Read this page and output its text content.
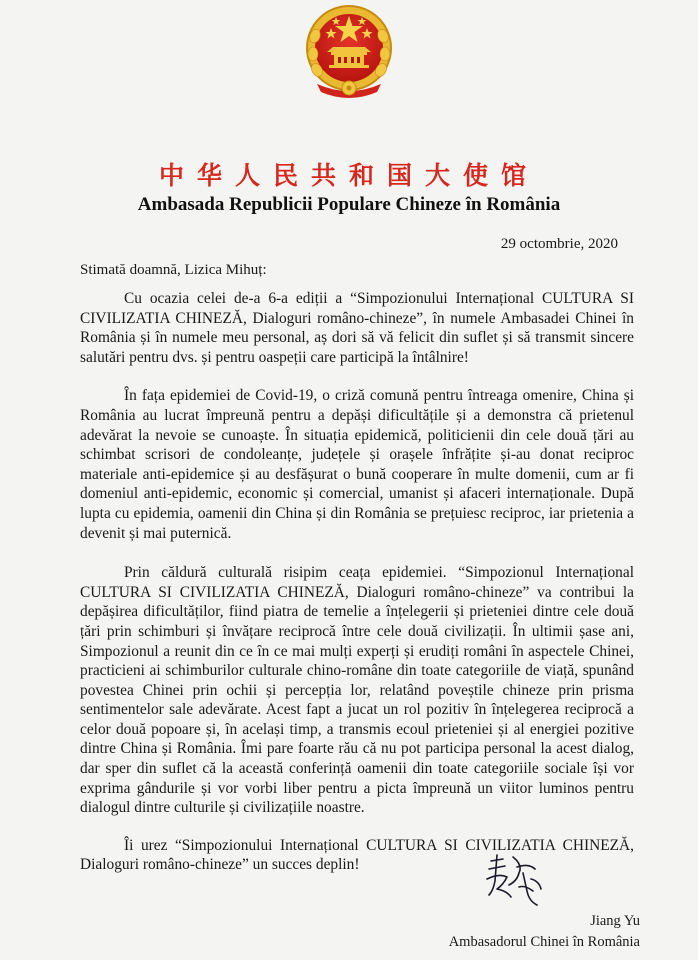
中华人民共和国大使馆
Ambasada Republicii Populare Chineze în România
29 octombrie, 2020
Stimată doamnă, Lizica Mihuț:

Cu ocazia celei de-a 6-a ediții a “Simpozionului Internațional CULTURA SI CIVILIZATIA CHINEZĂ, Dialoguri româno-chineze”, în numele Ambasadei Chinei în România și în numele meu personal, aș dori să vă felicit din suflet și să transmit sincere salutări pentru dvs. și pentru oaspeții care participă la întâlnire!

În fața epidemiei de Covid-19, o criză comună pentru întreaga omenire, China și România au lucrat împreună pentru a depăși dificultățile și a demonstra că prietenul adevărat la nevoie se cunoaște. În situația epidemică, politicienii din cele două țări au schimbat scrisori de condoleanțe, județele și orașele înfrățite și-au donat reciproc materiale anti-epidemice și au desfășurat o bună cooperare în multe domenii, cum ar fi domeniul anti-epidemic, economic și comercial, umanist și afaceri internaționale. După lupta cu epidemia, oamenii din China și din România se prețuiesc reciproc, iar prietenia a devenit și mai puternică.

Prin căldură culturală risipim ceața epidemiei. “Simpozionul Internațional CULTURA SI CIVILIZATIA CHINEZĂ, Dialoguri româno-chineze” va contribui la depășirea dificultăților, fiind piatra de temelie a înțelegerii și prieteniei dintre cele două țări prin schimburi și învățare reciprocă între cele două civilizații. În ultimii șase ani, Simpozionul a reunit din ce în ce mai mulți experți și erudiți români în aspectele Chinei, practicieni ai schimburilor culturale chino-române din toate categoriile de viață, spunând povestea Chinei prin ochii și percepția lor, relatând poveștile chineze prin prisma sentimentelor sale adevărate. Acest fapt a jucat un rol pozitiv în înțelegerea reciprocă a celor două popoare și, în același timp, a transmis ecoul prieteniei și al energiei pozitive dintre China și România. Îmi pare foarte rău că nu pot participa personal la acest dialog, dar sper din suflet că la această conferință oamenii din toate categoriile sociale își vor exprima gândurile și vor vorbi liber pentru a picta împreună un viitor luminos pentru dialogul dintre culturile și civilizațiile noastre.

Îi urez “Simpozionului Internațional CULTURA SI CIVILIZATIA CHINEZĂ, Dialoguri româno-chineze” un succes deplin!

Jiang Yu
Ambasadorul Chinei în România
